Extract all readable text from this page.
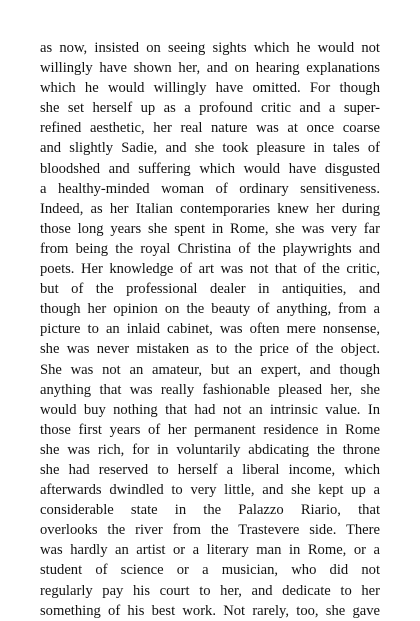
as now, insisted on seeing sights which he would not
willingly have shown her, and on hearing explanations
which he would willingly have omitted. For though
she set herself up as a profound critic and a super-
refined aesthetic, her real nature was at once coarse
and slightly Sadie, and she took pleasure in tales of
bloodshed and suffering which would have disgusted
a healthy-minded woman of ordinary sensitiveness.
Indeed, as her Italian contemporaries knew her during
those long years she spent in Rome, she was very far
from being the royal Christina of the playwrights and
poets. Her knowledge of art was not that of the critic,
but of the professional dealer in antiquities, and
though her opinion on the beauty of anything, from a
picture to an inlaid cabinet, was often mere nonsense,
she was never mistaken as to the price of the object.
She was not an amateur, but an expert, and though
anything that was really fashionable pleased her, she
would buy nothing that had not an intrinsic value. In
those first years of her permanent residence in Rome
she was rich, for in voluntarily abdicating the throne
she had reserved to herself a liberal income, which
afterwards dwindled to very little, and she kept up a
considerable state in the Palazzo Riario, that
overlooks the river from the Trastevere side. There
was hardly an artist or a literary man in Rome, or a
student of science or a musician, who did not
regularly pay his court to her, and dedicate to her
something of his best work. Not rarely, too, she gave
